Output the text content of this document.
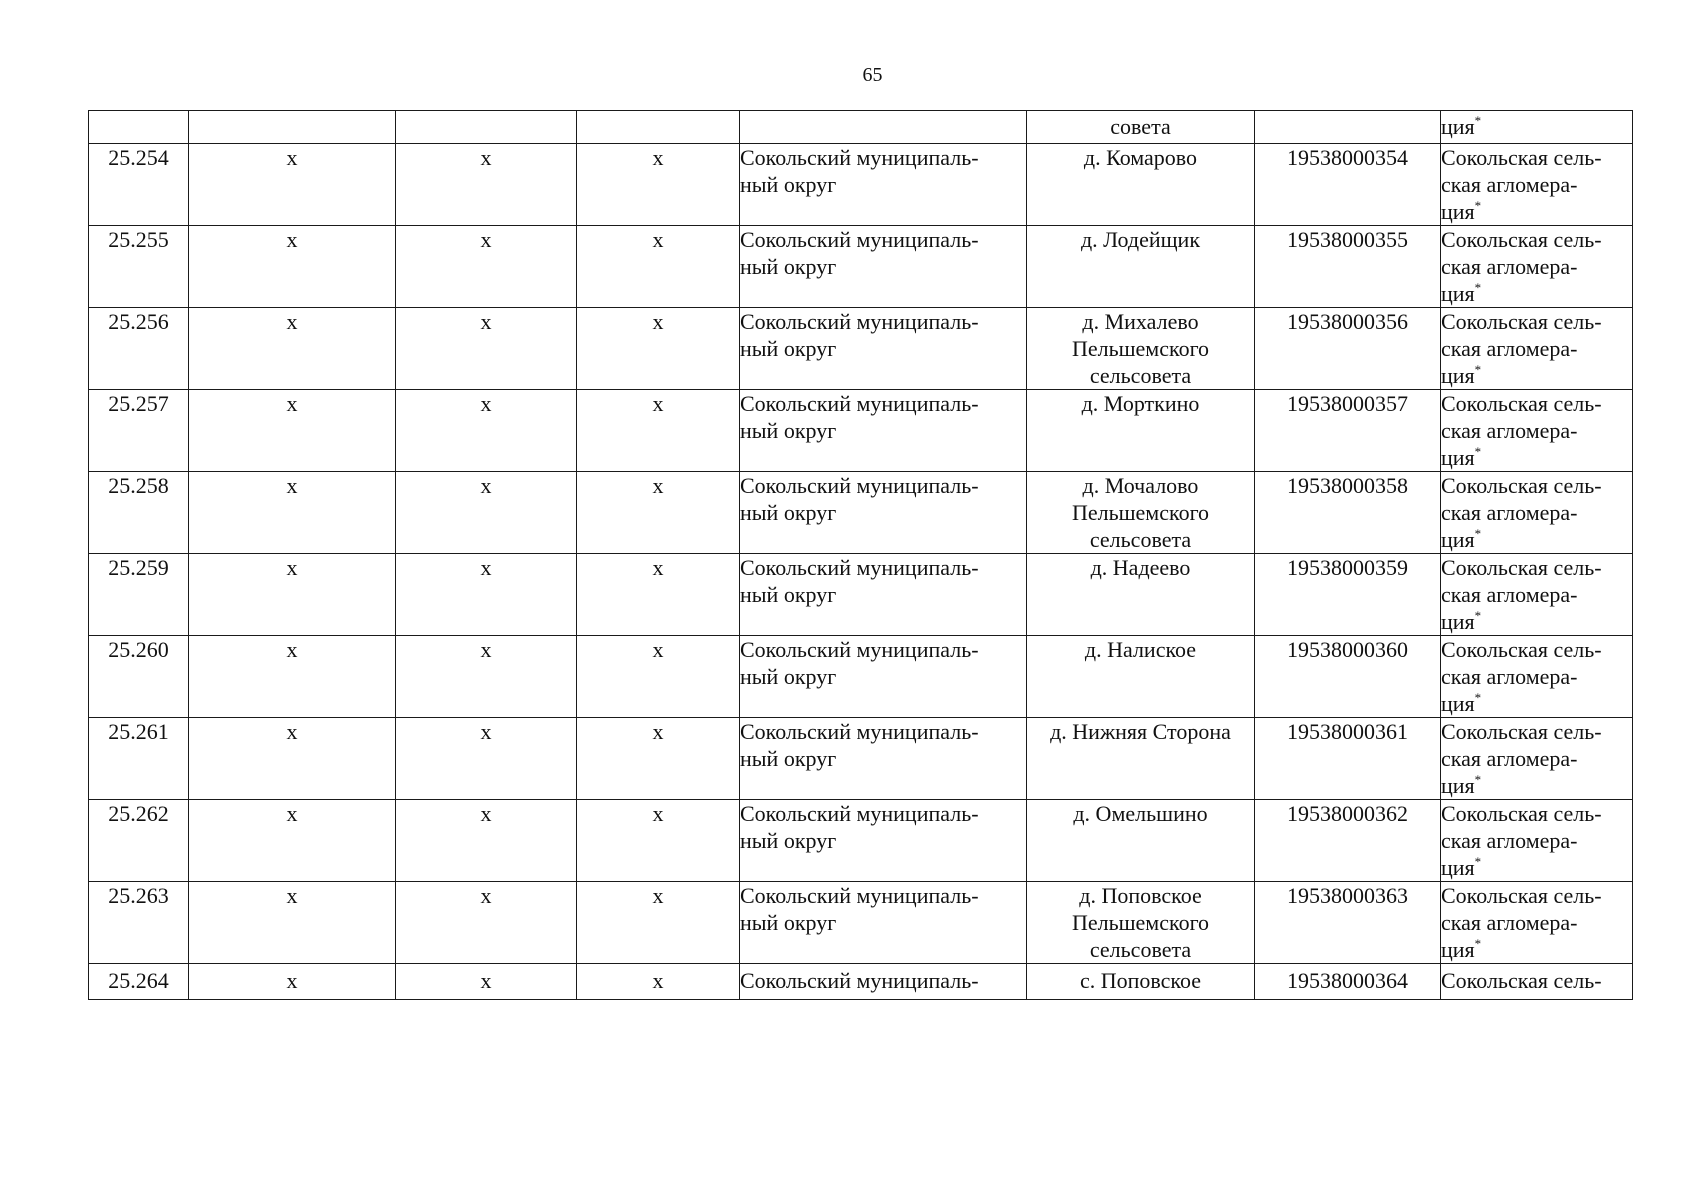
65
					совета		ция*
25.254	х	х	х	Сокольский муниципаль-
ный округ	д. Комарово	19538000354	Сокольская сель-
ская агломера-
ция*

25.255	х	х	х	Сокольский муниципаль-
ный округ	д. Лодейщик	19538000355	Сокольская сель-
ская агломера-
ция*

25.256	х	х	х	Сокольский муниципаль-
ный округ	д. Михалево
Пельшемского
сельсовета	19538000356	Сокольская сель-
ская агломера-
ция*

25.257	х	х	х	Сокольский муниципаль-
ный округ	д. Морткино	19538000357	Сокольская сель-
ская агломера-
ция*

25.258	х	х	х	Сокольский муниципаль-
ный округ	д. Мочалово
Пельшемского
сельсовета	19538000358	Сокольская сель-
ская агломера-
ция*

25.259	х	х	х	Сокольский муниципаль-
ный округ	д. Надеево	19538000359	Сокольская сель-
ская агломера-
ция*

25.260	х	х	х	Сокольский муниципаль-
ный округ	д. Налиское	19538000360	Сокольская сель-
ская агломера-
ция*

25.261	х	х	х	Сокольский муниципаль-
ный округ	д. Нижняя Сторона	19538000361	Сокольская сель-
ская агломера-
ция*

25.262	х	х	х	Сокольский муниципаль-
ный округ	д. Омельшино	19538000362	Сокольская сель-
ская агломера-
ция*

25.263	х	х	х	Сокольский муниципаль-
ный округ	д. Поповское
Пельшемского
сельсовета	19538000363	Сокольская сель-
ская агломера-
ция*

25.264	х	х	х	Сокольский муниципаль-	с. Поповское	19538000364	Сокольская сель-
